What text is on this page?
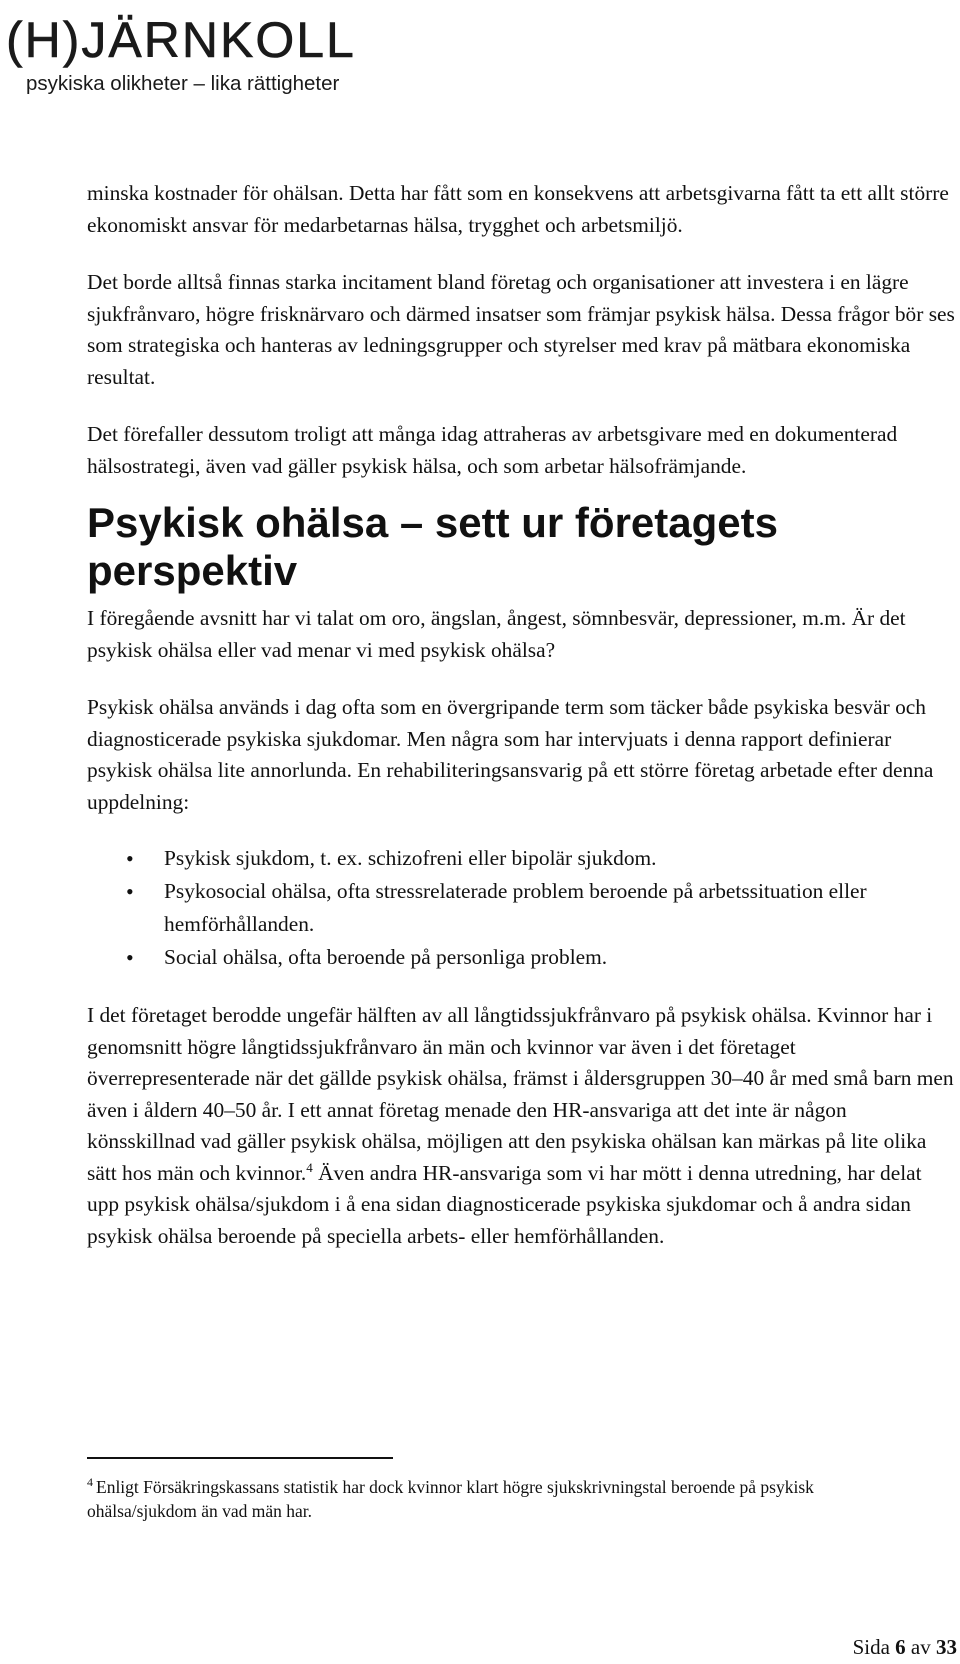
(H)JÄRNKOLL
psykiska olikheter – lika rättigheter

minska kostnader för ohälsan. Detta har fått som en konsekvens att arbetsgivarna fått ta ett allt större ekonomiskt ansvar för medarbetarnas hälsa, trygghet och arbetsmiljö.

Det borde alltså finnas starka incitament bland företag och organisationer att investera i en lägre sjukfrånvaro, högre frisknärvaro och därmed insatser som främjar psykisk hälsa. Dessa frågor bör ses som strategiska och hanteras av ledningsgrupper och styrelser med krav på mätbara ekonomiska resultat.

Det förefaller dessutom troligt att många idag attraheras av arbetsgivare med en dokumenterad hälsostrategi, även vad gäller psykisk hälsa, och som arbetar hälsofrämjande.

Psykisk ohälsa – sett ur företagets perspektiv

I föregående avsnitt har vi talat om oro, ängslan, ångest, sömnbesvär, depressioner, m.m. Är det psykisk ohälsa eller vad menar vi med psykisk ohälsa?

Psykisk ohälsa används i dag ofta som en övergripande term som täcker både psykiska besvär och diagnosticerade psykiska sjukdomar. Men några som har intervjuats i denna rapport definierar psykisk ohälsa lite annorlunda. En rehabiliteringsansvarig på ett större företag arbetade efter denna uppdelning:

• Psykisk sjukdom, t. ex. schizofreni eller bipolär sjukdom.
• Psykosocial ohälsa, ofta stressrelaterade problem beroende på arbetssituation eller hemförhållanden.
• Social ohälsa, ofta beroende på personliga problem.

I det företaget berodde ungefär hälften av all långtidssjukfrånvaro på psykisk ohälsa. Kvinnor har i genomsnitt högre långtidssjukfrånvaro än män och kvinnor var även i det företaget överrepresenterade när det gällde psykisk ohälsa, främst i åldersgruppen 30–40 år med små barn men även i åldern 40–50 år. I ett annat företag menade den HR-ansvariga att det inte är någon könsskillnad vad gäller psykisk ohälsa, möjligen att den psykiska ohälsan kan märkas på lite olika sätt hos män och kvinnor.$^4$ Även andra HR-ansvariga som vi har mött i denna utredning, har delat upp psykisk ohälsa/sjukdom i å ena sidan diagnosticerade psykiska sjukdomar och å andra sidan psykisk ohälsa beroende på speciella arbets- eller hemförhållanden.

$^4$ Enligt Försäkringskassans statistik har dock kvinnor klart högre sjukskrivningstal beroende på psykisk ohälsa/sjukdom än vad män har.
Sida 6 av 33
